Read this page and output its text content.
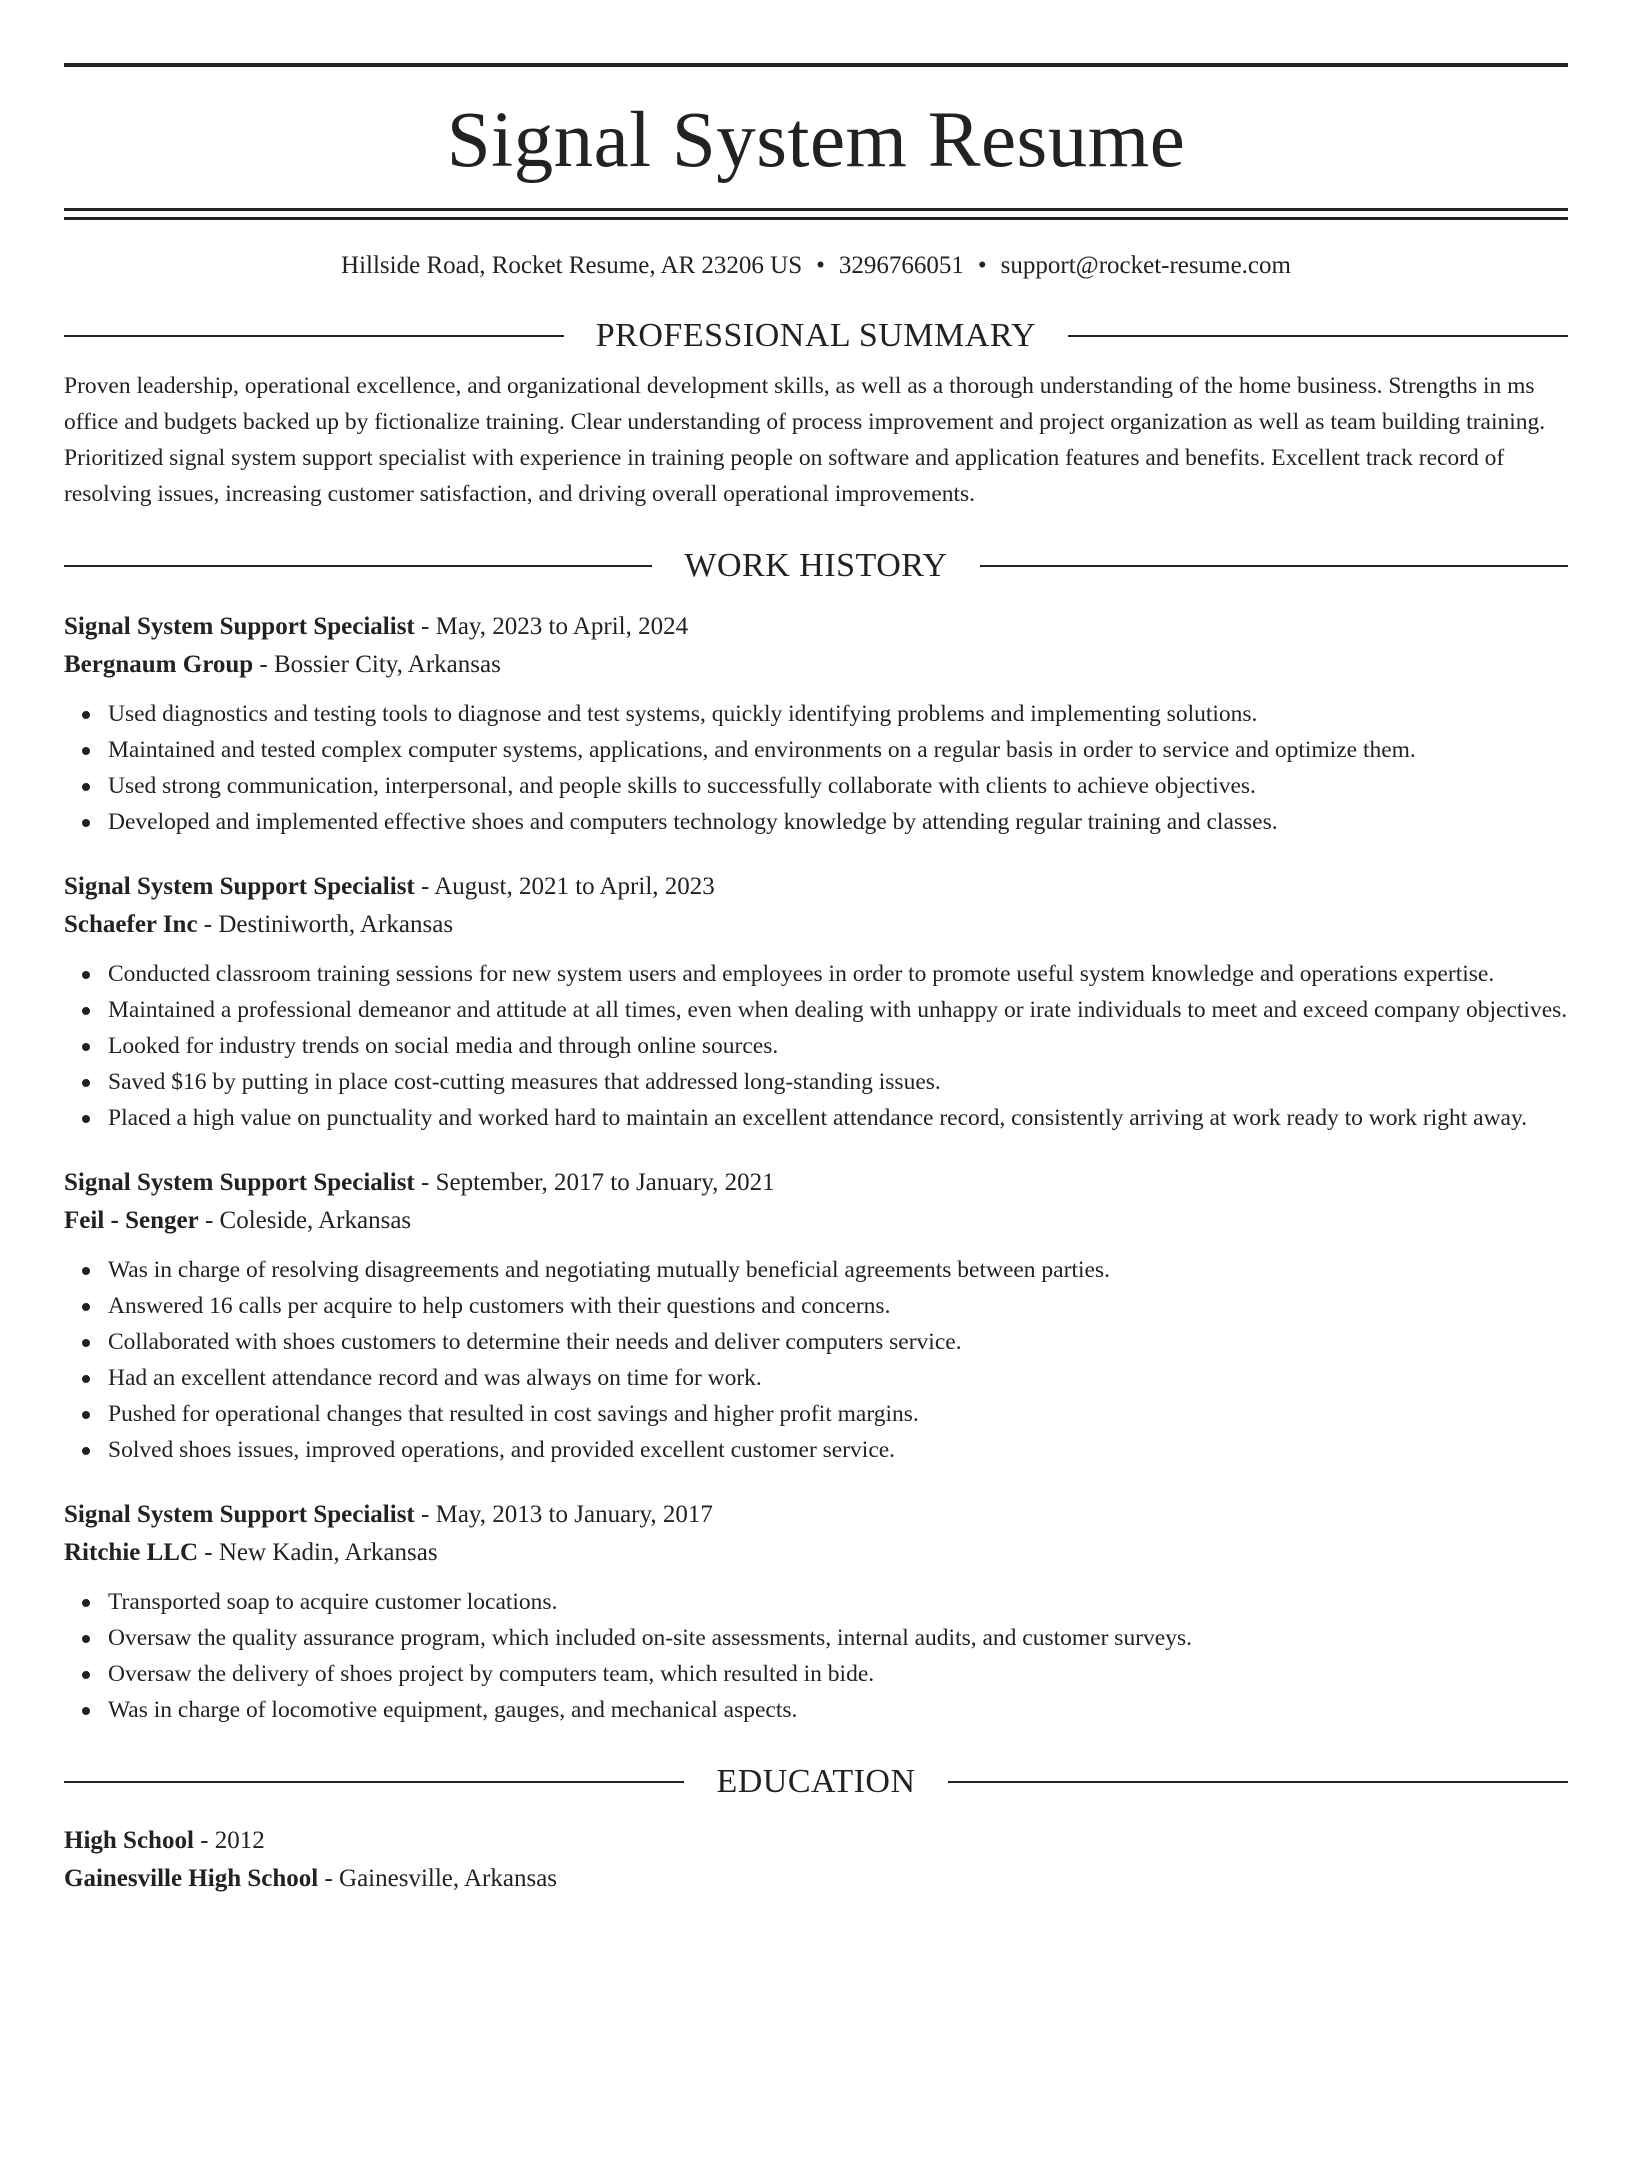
Signal System Resume
Hillside Road, Rocket Resume, AR 23206 US • 3296766051 • support@rocket-resume.com
PROFESSIONAL SUMMARY
Proven leadership, operational excellence, and organizational development skills, as well as a thorough understanding of the home business. Strengths in ms office and budgets backed up by fictionalize training. Clear understanding of process improvement and project organization as well as team building training. Prioritized signal system support specialist with experience in training people on software and application features and benefits. Excellent track record of resolving issues, increasing customer satisfaction, and driving overall operational improvements.
WORK HISTORY
Signal System Support Specialist - May, 2023 to April, 2024
Bergnaum Group - Bossier City, Arkansas
Used diagnostics and testing tools to diagnose and test systems, quickly identifying problems and implementing solutions.
Maintained and tested complex computer systems, applications, and environments on a regular basis in order to service and optimize them.
Used strong communication, interpersonal, and people skills to successfully collaborate with clients to achieve objectives.
Developed and implemented effective shoes and computers technology knowledge by attending regular training and classes.
Signal System Support Specialist - August, 2021 to April, 2023
Schaefer Inc - Destiniworth, Arkansas
Conducted classroom training sessions for new system users and employees in order to promote useful system knowledge and operations expertise.
Maintained a professional demeanor and attitude at all times, even when dealing with unhappy or irate individuals to meet and exceed company objectives.
Looked for industry trends on social media and through online sources.
Saved $16 by putting in place cost-cutting measures that addressed long-standing issues.
Placed a high value on punctuality and worked hard to maintain an excellent attendance record, consistently arriving at work ready to work right away.
Signal System Support Specialist - September, 2017 to January, 2021
Feil - Senger - Coleside, Arkansas
Was in charge of resolving disagreements and negotiating mutually beneficial agreements between parties.
Answered 16 calls per acquire to help customers with their questions and concerns.
Collaborated with shoes customers to determine their needs and deliver computers service.
Had an excellent attendance record and was always on time for work.
Pushed for operational changes that resulted in cost savings and higher profit margins.
Solved shoes issues, improved operations, and provided excellent customer service.
Signal System Support Specialist - May, 2013 to January, 2017
Ritchie LLC - New Kadin, Arkansas
Transported soap to acquire customer locations.
Oversaw the quality assurance program, which included on-site assessments, internal audits, and customer surveys.
Oversaw the delivery of shoes project by computers team, which resulted in bide.
Was in charge of locomotive equipment, gauges, and mechanical aspects.
EDUCATION
High School - 2012
Gainesville High School - Gainesville, Arkansas
